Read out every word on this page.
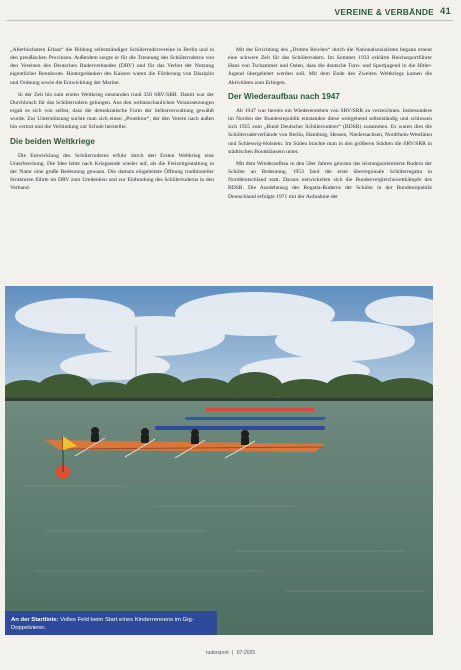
VEREINE & VERBÄNDE 41

„Allerhöchstem Erlass“ die Bildung selbstständiger Schülerrudervereine in Berlin und in den preußischen Provinzen. Außerdem sorgte er für die Trennung des Schülerruderns von den Vereinen des Deutschen Ruderverbandes (DRV) und für das Verbot der Nutzung eigentlicher Rennboote. Hintergedanken des Kaisers waren die Förderung von Disziplin und Ordnung sowie die Entwicklung der Marine.

In der Zeit bis zum ersten Weltkrieg entstanden rund 350 SRV/SRR. Damit war der Durchbruch für das Schülerrudern gelungen. Aus den weltanschaulichen Voraussetzungen ergab es sich von selbst, dass die demokratische Form der Selbstverwaltung gewählt wurde. Zur Unterstützung suchte man sich einen „Protektor“, der den Verein nach außen hin vertrat und die Verbindung zur Schule herstellte.

Die beiden Weltkriege

Die Entwicklung des Schülerruderns erfuhr durch den Ersten Weltkrieg eine Unterbrechung. Die Idee lebte nach Kriegsende wieder auf, als die Freizeitgestaltung in der Natur eine große Bedeutung gewann. Die damals eingeleitete Öffnung traditioneller Strukturen führte im DRV zum Umdenken und zur Einbindung des Schülerruderns in den Verband.

Mit der Errichtung des „Dritten Reiches“ durch die Nationalsozialisten begann erneut eine schwere Zeit für das Schülerrudern. Im Sommer 1933 erklärte Reichssportführer Hans von Tschammer und Osten, dass die deutsche Turn- und Sportjugend in die Hitler-Jugend übergeleitet werden soll. Mit dem Ende des Zweiten Weltkriegs kamen die Aktivitäten zum Erliegen.

Der Wiederaufbau nach 1947

Ab 1947 war bereits ein Wiedererstehen von SRV/SRR zu verzeichnen. Insbesondere im Norden der Bundesrepublik entstanden diese weitgehend selbstständig und schlossen sich 1955 zum „Bund Deutscher Schülerruderer“ (BDSR) zusammen. Es waren dies die Schülerruderverbände von Berlin, Hamburg, Hessen, Niedersachsen, Nordrhein-Westfalen und Schleswig-Holstein. Im Süden brachte man in den größeren Städten die SRV/SRR in städtischen Bootshäusern unter.

Mit dem Wiederaufbau in den 50er Jahren gewann das leistungsorientierte Rudern der Schüler an Bedeutung. 1953 fand die erste überregionale Schülerregatta in Norddeutschland statt. Daraus entwickelten sich die Bundesvergleichswettkämpfe des BDSR. Die Ausdehnung des Regatta-Ruderns der Schüler in der Bundesrepublik Deutschland erfolgte 1971 mit der Aufnahme der

An der Startlinie: Volles Feld beim Start eines Kinderrennens im Gig-Doppelvierer.
rudersport | 07-2025
